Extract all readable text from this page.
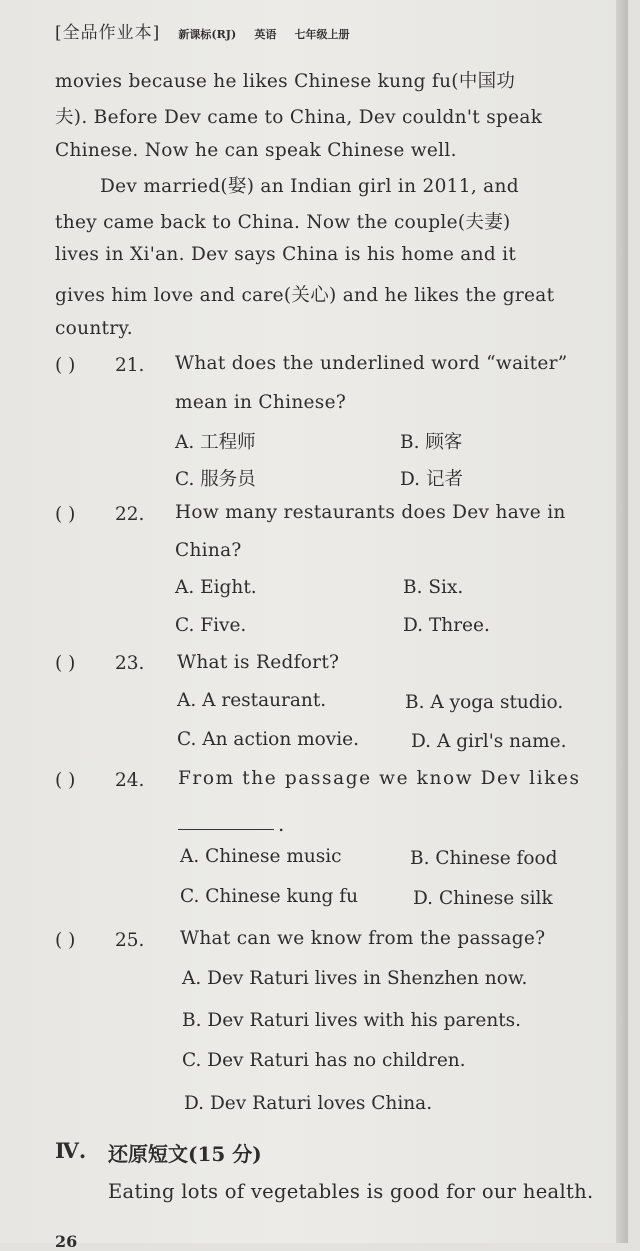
[全品作业本] 新课标(RJ) 英语 七年级上册
movies because he likes Chinese kung fu(中国功
夫). Before Dev came to China, Dev couldn't speak
Chinese. Now he can speak Chinese well.
Dev married(娶) an Indian girl in 2011, and
they came back to China. Now the couple(夫妻)
lives in Xi'an. Dev says China is his home and it
gives him love and care(关心) and he likes the great
country.
( ) 21. What does the underlined word “waiter”
mean in Chinese?
A. 工程师	B. 顾客
C. 服务员	D. 记者
( ) 22. How many restaurants does Dev have in
China?
A. Eight.	B. Six.
C. Five.	D. Three.
( ) 23. What is Redfort?
A. A restaurant.	B. A yoga studio.
C. An action movie.	D. A girl's name.
( ) 24. From the passage we know Dev likes
.
A. Chinese music	B. Chinese food
C. Chinese kung fu	D. Chinese silk
( ) 25. What can we know from the passage?
A. Dev Raturi lives in Shenzhen now.
B. Dev Raturi lives with his parents.
C. Dev Raturi has no children.
D. Dev Raturi loves China.
Ⅳ. 还原短文(15 分)
Eating lots of vegetables is good for our health.
26
